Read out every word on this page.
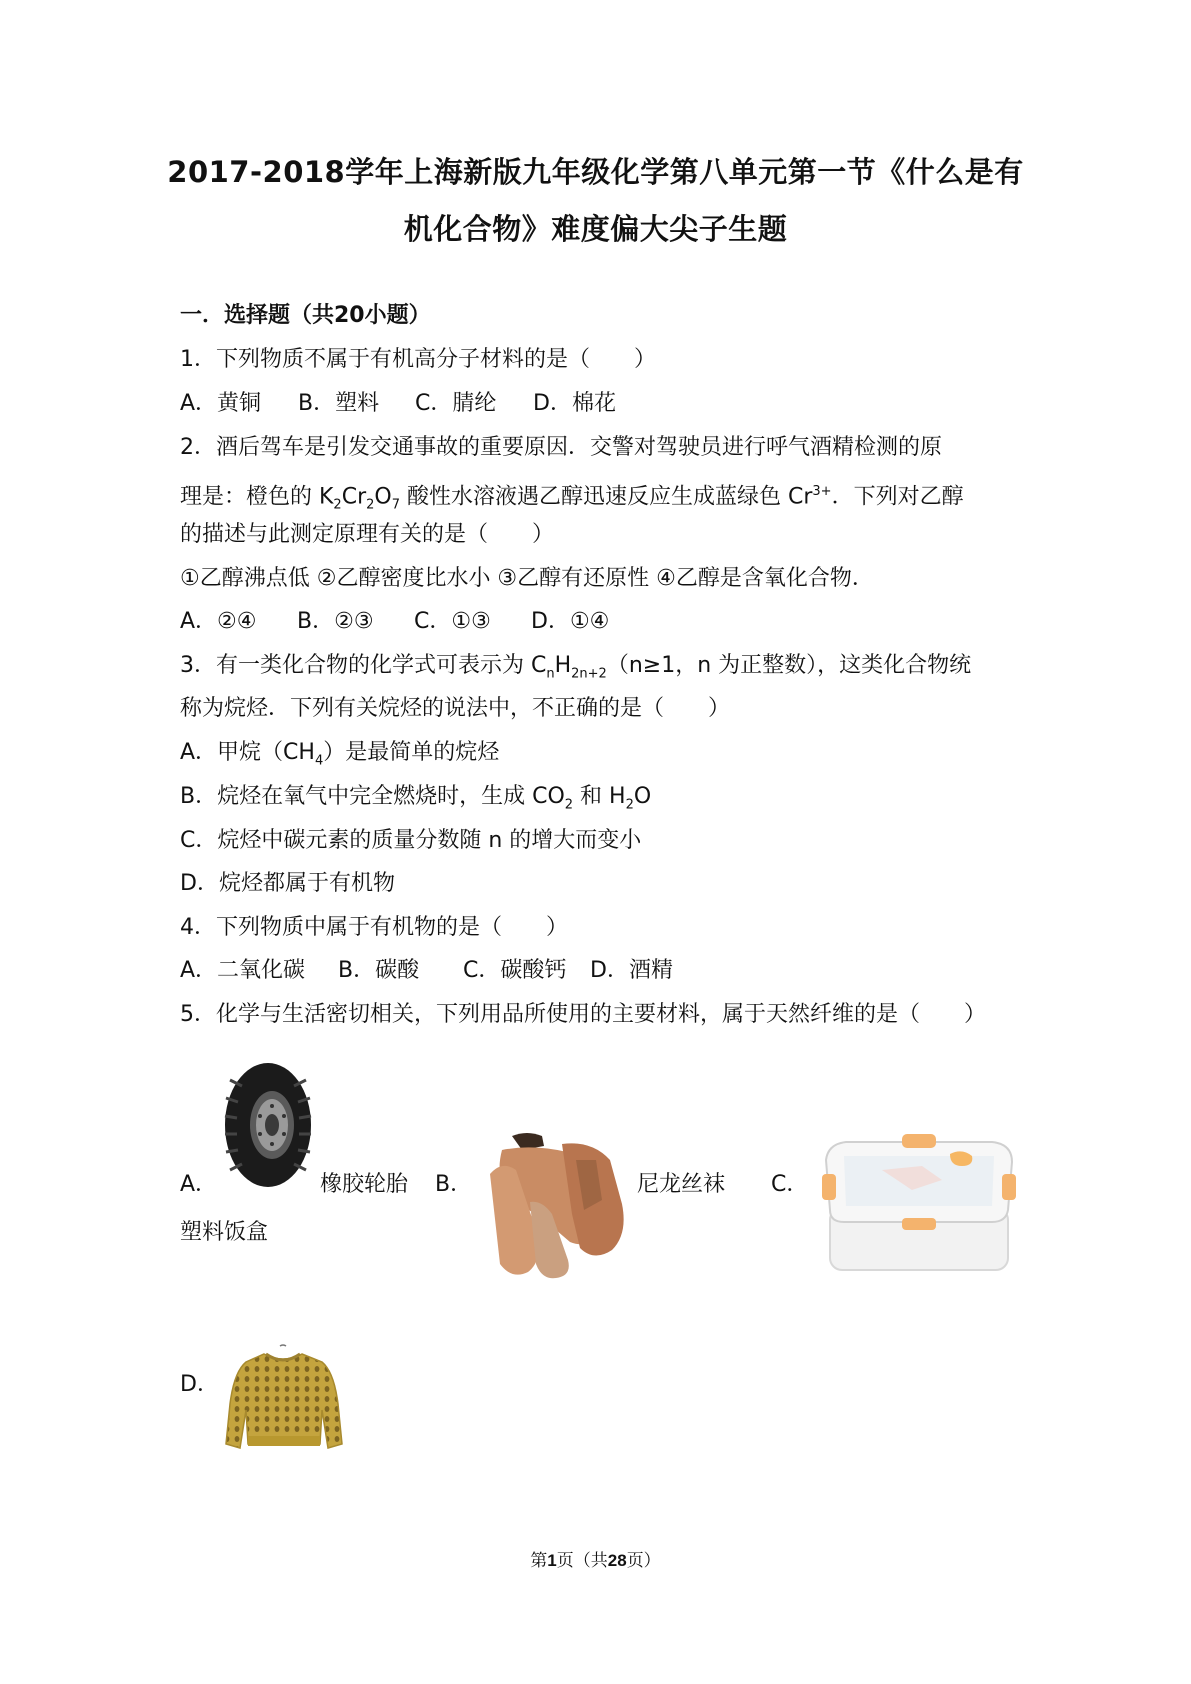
2017-2018学年上海新版九年级化学第八单元第一节《什么是有
机化合物》难度偏大尖子生题
一．选择题（共20小题）
1．下列物质不属于有机高分子材料的是（　　）
A．黄铜 B．塑料 C．腈纶 D．棉花
2．酒后驾车是引发交通事故的重要原因．交警对驾驶员进行呼气酒精检测的原
理是：橙色的 $K_2Cr_2O_7$ 酸性水溶液遇乙醇迅速反应生成蓝绿色 $Cr^{3+}$．下列对乙醇
的描述与此测定原理有关的是（　　）
①乙醇沸点低 ②乙醇密度比水小 ③乙醇有还原性 ④乙醇是含氧化合物．
A．②④ B．②③ C．①③ D．①④
3．有一类化合物的化学式可表示为 $C_nH_{2n+2}(n\ge 1$，n 为正整数），这类化合物统
称为烷烃．下列有关烷烃的说法中，不正确的是（　　）
A．甲烷$(CH_4)$是最简单的烷烃
B．烷烃在氧气中完全燃烧时，生成 $CO_2$ 和 $H_2O$
C．烷烃中碳元素的质量分数随 n 的增大而变小
D．烷烃都属于有机物
4．下列物质中属于有机物的是（　　）
A．二氧化碳 B．碳酸 C．碳酸钙 D．酒精
5．化学与生活密切相关，下列用品所使用的主要材料，属于天然纤维的是（　　）
A．	橡胶轮胎 B．	尼龙丝袜 C．
塑料饭盒
D．
第1页（共28页）
